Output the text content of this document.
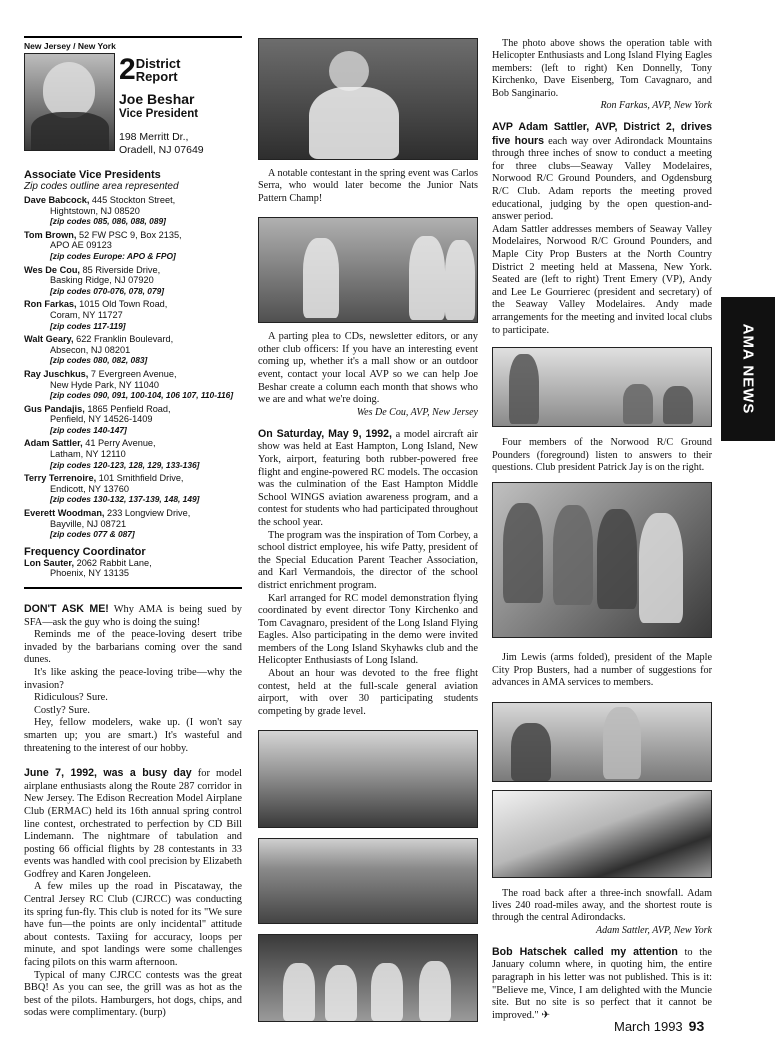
New Jersey / New York
2 District
Report
Joe Beshar
Vice President
198 Merritt Dr.,
Oradell, NJ 07649
Associate Vice Presidents
Zip codes outline area represented
Dave Babcock, 445 Stockton Street,
Hightstown, NJ 08520
[zip codes 085, 086, 088, 089]
Tom Brown, 52 FW PSC 9, Box 2135,
APO AE 09123
[zip codes Europe: APO & FPO]
Wes De Cou, 85 Riverside Drive,
Basking Ridge, NJ 07920
[zip codes 070-076, 078, 079]
Ron Farkas, 1015 Old Town Road,
Coram, NY 11727
[zip codes 117-119]
Walt Geary, 622 Franklin Boulevard,
Absecon, NJ 08201
[zip codes 080, 082, 083]
Ray Juschkus, 7 Evergreen Avenue,
New Hyde Park, NY 11040
[zip codes 090, 091, 100-104, 106 107, 110-116]
Gus Pandajis, 1865 Penfield Road,
Penfield, NY 14526-1409
[zip codes 140-147]
Adam Sattler, 41 Perry Avenue,
Latham, NY 12110
[zip codes 120-123, 128, 129, 133-136]
Terry Terrenoire, 101 Smithfield Drive,
Endicott, NY 13760
[zip codes 130-132, 137-139, 148, 149]
Everett Woodman, 233 Longview Drive,
Bayville, NJ 08721
[zip codes 077 & 087]
Frequency Coordinator
Lon Sauter, 2062 Rabbit Lane,
Phoenix, NY 13135

DON'T ASK ME! Why AMA is being sued by SFA—ask the guy who is doing the suing!

Reminds me of the peace-loving desert tribe invaded by the barbarians coming over the sand dunes.

It's like asking the peace-loving tribe—why the invasion?

Ridiculous? Sure.

Costly? Sure.

Hey, fellow modelers, wake up. (I won't say smarten up; you are smart.) It's wasteful and threatening to the interest of our hobby.

June 7, 1992, was a busy day for model airplane enthusiasts along the Route 287 corridor in New Jersey. The Edison Recreation Model Airplane Club (ERMAC) held its 16th annual spring control line contest, orchestrated to perfection by CD Bill Lindemann. The nightmare of tabulation and posting 66 official flights by 28 contestants in 33 events was handled with cool precision by Elizabeth Godfrey and Karen Jongeleen.

A few miles up the road in Piscataway, the Central Jersey RC Club (CJRCC) was conducting its spring fun-fly. This club is noted for its "We sure have fun—the points are only incidental" attitude about contests. Taxiing for accuracy, loops per minute, and spot landings were some challenges facing pilots on this warm afternoon.

Typical of many CJRCC contests was the great BBQ! As you can see, the grill was as hot as the best of the pilots. Hamburgers, hot dogs, chips, and sodas were complimentary. (burp)

A notable contestant in the spring event was Carlos Serra, who would later become the Junior Nats Pattern Champ!
A parting plea to CDs, newsletter editors, or any other club officers: If you have an interesting event coming up, whether it's a mall show or an outdoor event, contact your local AVP so we can help Joe Beshar create a column each month that shows who we are and what we're doing.
Wes De Cou, AVP, New Jersey

On Saturday, May 9, 1992, a model aircraft air show was held at East Hampton, Long Island, New York, airport, featuring both rubber-powered free flight and engine-powered RC models. The occasion was the culmination of the East Hampton Middle School WINGS aviation awareness program, and a contest for students who had participated throughout the school year.

The program was the inspiration of Tom Corbey, a school district employee, his wife Patty, president of the Special Education Parent Teacher Association, and Karl Vermandois, the director of the school district enrichment program.

Karl arranged for RC model demonstration flying coordinated by event director Tony Kirchenko and Tom Cavagnaro, president of the Long Island Flying Eagles. Also participating in the demo were invited members of the Long Island Skyhawks club and the Helicopter Enthusiasts of Long Island.

About an hour was devoted to the free flight contest, held at the full-scale general aviation airport, with over 30 participating students competing by grade level.

The photo above shows the operation table with Helicopter Enthusiasts and Long Island Flying Eagles members: (left to right) Ken Donnelly, Tony Kirchenko, Dave Eisenberg, Tom Cavagnaro, and Bob Sanginario.
Ron Farkas, AVP, New York

AVP Adam Sattler, AVP, District 2, drives five hours each way over Adirondack Mountains through three inches of snow to conduct a meeting for three clubs—Seaway Valley Modelaires, Norwood R/C Ground Pounders, and Ogdensburg R/C Club. Adam reports the meeting proved educational, judging by the open question-and-answer period.

Adam Sattler addresses members of Seaway Valley Modelaires, Norwood R/C Ground Pounders, and Maple City Prop Busters at the North Country District 2 meeting held at Massena, New York. Seated are (left to right) Trent Emery (VP), Andy and Lee Le Gourrierec (president and secretary) of the Seaway Valley Modelaires. Andy made arrangements for the meeting and invited local clubs to participate.

Four members of the Norwood R/C Ground Pounders (foreground) listen to answers to their questions. Club president Patrick Jay is on the right.
Jim Lewis (arms folded), president of the Maple City Prop Busters, had a number of suggestions for advances in AMA services to members.
The road back after a three-inch snowfall. Adam lives 240 road-miles away, and the shortest route is through the central Adirondacks.
Adam Sattler, AVP, New York

Bob Hatschek called my attention to the January column where, in quoting him, the entire paragraph in his letter was not published. This is it: "Believe me, Vince, I am delighted with the Muncie site. But no site is so perfect that it cannot be improved." ✈

AMA NEWS
March 1993 93
